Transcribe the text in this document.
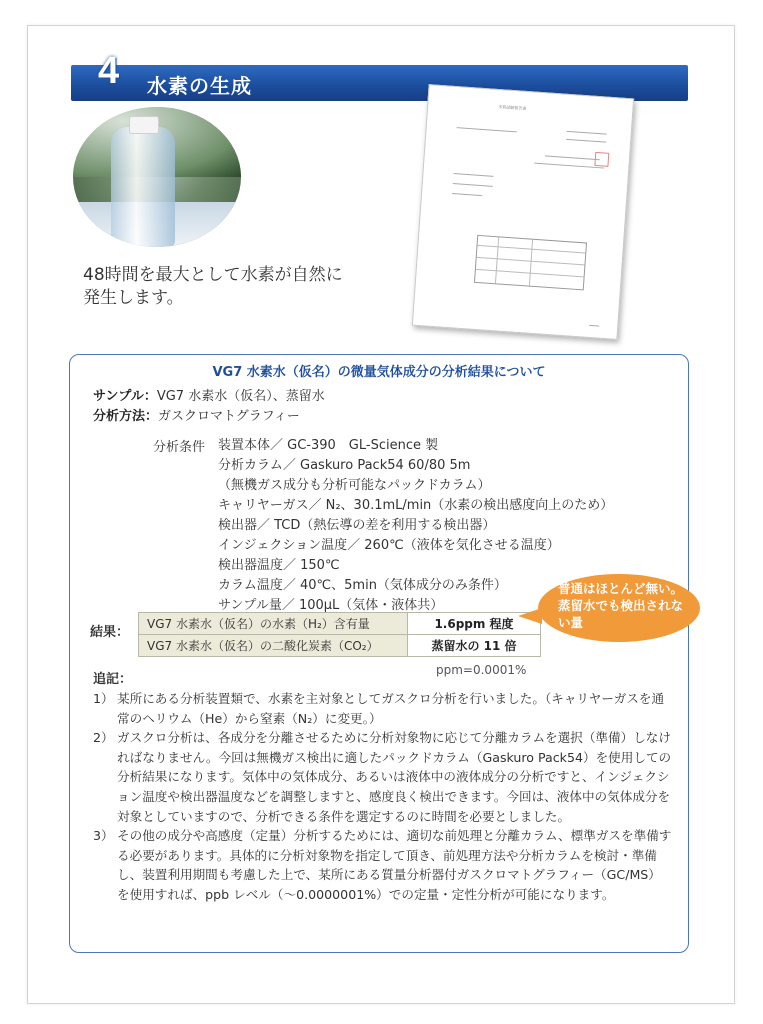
4 水素の生成
48時間を最大として水素が自然に
発生します。
水質試験報告書
VG7 水素水（仮名）の微量気体成分の分析結果について
サンプル：VG7 水素水（仮名）、蒸留水
分析方法：ガスクロマトグラフィー
分析条件 装置本体／ GC-390　GL-Science 製
分析カラム／ Gaskuro Pack54 60/80 5m
（無機ガス成分も分析可能なパックドカラム）
キャリヤーガス／ N₂、30.1mL/min（水素の検出感度向上のため）
検出器／ TCD（熱伝導の差を利用する検出器）
インジェクション温度／ 260℃（液体を気化させる温度）
検出器温度／ 150℃
カラム温度／ 40℃、5min（気体成分のみ条件）
サンプル量／ 100μL（気体・液体共）
結果：
VG7 水素水（仮名）の水素（H₂）含有量	1.6ppm 程度
VG7 水素水（仮名）の二酸化炭素（CO₂）	蒸留水の 11 倍
ppm=0.0001%
普通はほとんど無い。蒸留水でも検出されない量
追記：
1） 某所にある分析装置類で、水素を主対象としてガスクロ分析を行いました。（キャリヤーガスを通常のヘリウム（He）から窒素（N₂）に変更。）
2） ガスクロ分析は、各成分を分離させるために分析対象物に応じて分離カラムを選択（準備）しなければなりません。今回は無機ガス検出に適したパックドカラム（Gaskuro Pack54）を使用しての分析結果になります。気体中の気体成分、あるいは液体中の液体成分の分析ですと、インジェクション温度や検出器温度などを調整しますと、感度良く検出できます。今回は、液体中の気体成分を対象としていますので、分析できる条件を選定するのに時間を必要としました。
3） その他の成分や高感度（定量）分析するためには、適切な前処理と分離カラム、標準ガスを準備する必要があります。具体的に分析対象物を指定して頂き、前処理方法や分析カラムを検討・準備し、装置利用期間も考慮した上で、某所にある質量分析器付ガスクロマトグラフィー（GC/MS）を使用すれば、ppb レベル（～0.0000001%）での定量・定性分析が可能になります。
